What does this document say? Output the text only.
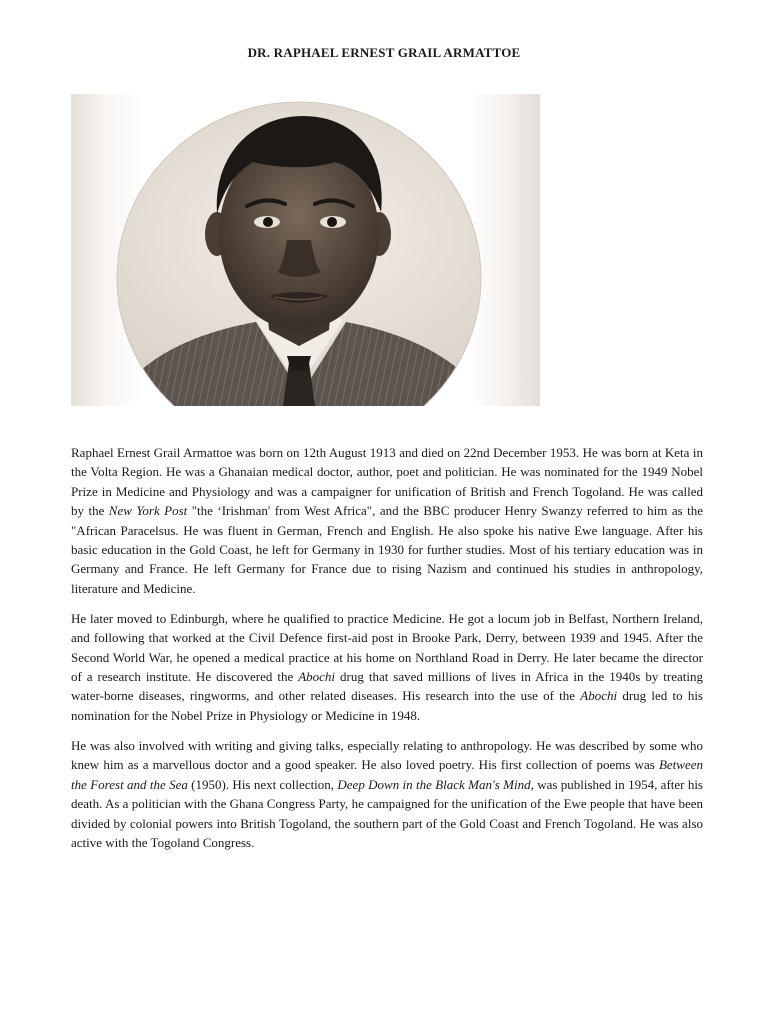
DR. RAPHAEL ERNEST GRAIL ARMATTOE

Raphael Ernest Grail Armattoe was born on 12th August 1913 and died on 22nd December 1953. He was born at Keta in the Volta Region. He was a Ghanaian medical doctor, author, poet and politician. He was nominated for the 1949 Nobel Prize in Medicine and Physiology and was a campaigner for unification of British and French Togoland. He was called by the New York Post "the ‘Irishman' from West Africa", and the BBC producer Henry Swanzy referred to him as the "African Paracelsus. He was fluent in German, French and English. He also spoke his native Ewe language. After his basic education in the Gold Coast, he left for Germany in 1930 for further studies. Most of his tertiary education was in Germany and France. He left Germany for France due to rising Nazism and continued his studies in anthropology, literature and Medicine.

He later moved to Edinburgh, where he qualified to practice Medicine. He got a locum job in Belfast, Northern Ireland, and following that worked at the Civil Defence first-aid post in Brooke Park, Derry, between 1939 and 1945. After the Second World War, he opened a medical practice at his home on Northland Road in Derry. He later became the director of a research institute. He discovered the Abochi drug that saved millions of lives in Africa in the 1940s by treating water-borne diseases, ringworms, and other related diseases. His research into the use of the Abochi drug led to his nomination for the Nobel Prize in Physiology or Medicine in 1948.

He was also involved with writing and giving talks, especially relating to anthropology. He was described by some who knew him as a marvellous doctor and a good speaker. He also loved poetry. His first collection of poems was Between the Forest and the Sea (1950). His next collection, Deep Down in the Black Man's Mind, was published in 1954, after his death. As a politician with the Ghana Congress Party, he campaigned for the unification of the Ewe people that have been divided by colonial powers into British Togoland, the southern part of the Gold Coast and French Togoland. He was also active with the Togoland Congress.
